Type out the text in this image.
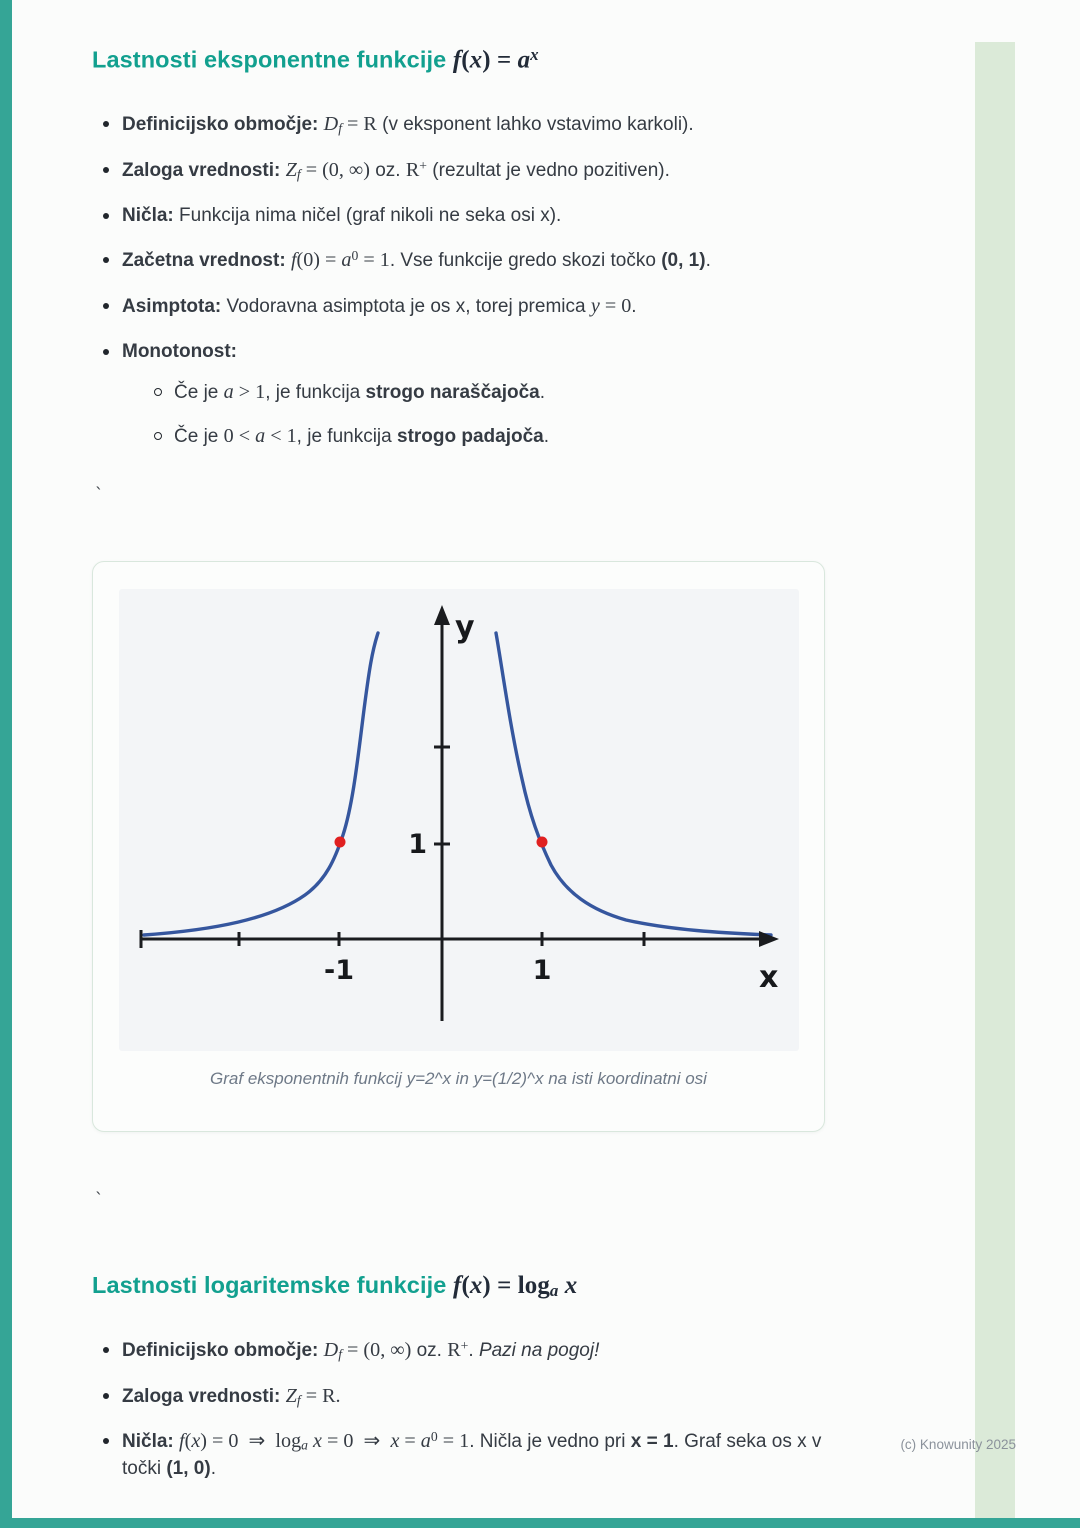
Lastnosti eksponentne funkcije $f(x) = a^x$
Definicijsko območje: Df = R (v eksponent lahko vstavimo karkoli).
Zaloga vrednosti: Zf = (0, ∞) oz. R+ (rezultat je vedno pozitiven).
Ničla: Funkcija nima ničel (graf nikoli ne seka osi x).
Začetna vrednost: $f(0) = a^0 = 1$. Vse funkcije gredo skozi točko (0, 1).
Asimptota: Vodoravna asimptota je os x, torej premica y = 0.
Monotonost:
Če je a > 1, je funkcija strogo naraščajoča.
Če je 0 < a < 1, je funkcija strogo padajoča.
`
y
x
1
-1	1
Graf eksponentnih funkcij y=2^x in y=(1/2)^x na isti koordinatni osi
`
Lastnosti logaritemske funkcije f(x) = loga x
Definicijsko območje: Df = (0, ∞) oz. R+. Pazi na pogoj!
Zaloga vrednosti: Zf = R.
Ničla: f(x) = 0  ⇒  loga x = 0  ⇒  $x = a^0 = 1$. Ničla je vedno pri x = 1. Graf seka os x v točki (1, 0).
(c) Knowunity 2025
